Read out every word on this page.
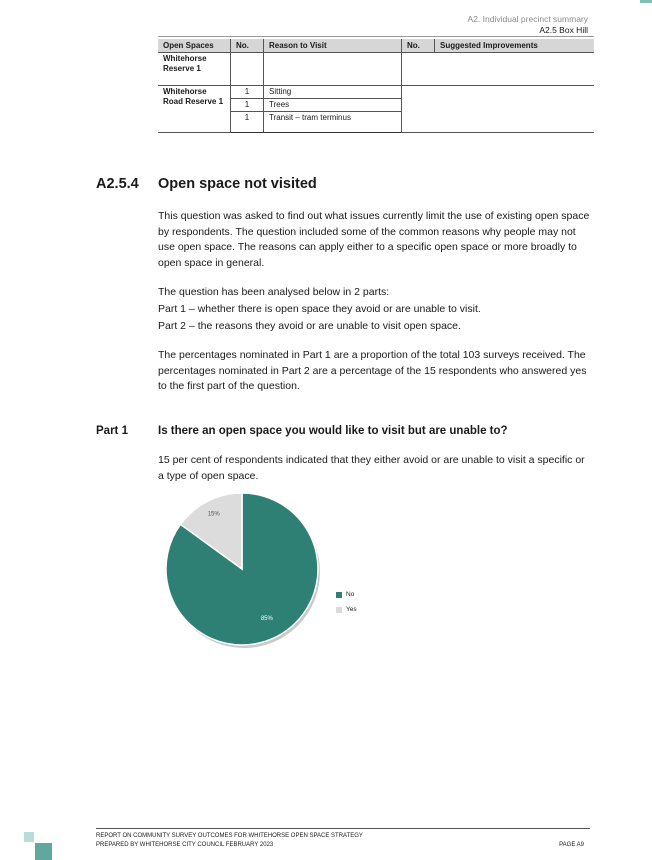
A2. Individual precinct summary
A2.5 Box Hill
Open Spaces	No.	Reason to Visit	No.	Suggested Improvements
Whitehorse Reserve 1				
Whitehorse Road Reserve 1	1	Sitting		
	1	Trees		
	1	Transit – tram terminus		
A2.5.4 Open space not visited

This question was asked to find out what issues currently limit the use of existing open space by respondents. The question included some of the common reasons why people may not use open space. The reasons can apply either to a specific open space or more broadly to open space in general.

The question has been analysed below in 2 parts:
Part 1 – whether there is open space they avoid or are unable to visit.
Part 2 – the reasons they avoid or are unable to visit open space.

The percentages nominated in Part 1 are a proportion of the total 103 surveys received. The percentages nominated in Part 2 are a percentage of the 15 respondents who answered yes to the first part of the question.

Part 1	Is there an open space you would like to visit but are unable to?

15 per cent of respondents indicated that they either avoid or are unable to visit a specific or a type of open space.

85%
15%
No
Yes
REPORT ON COMMUNITY SURVEY OUTCOMES FOR WHITEHORSE OPEN SPACE STRATEGY
PREPARED BY WHITEHORSE CITY COUNCIL FEBRUARY 2023	PAGE A9
